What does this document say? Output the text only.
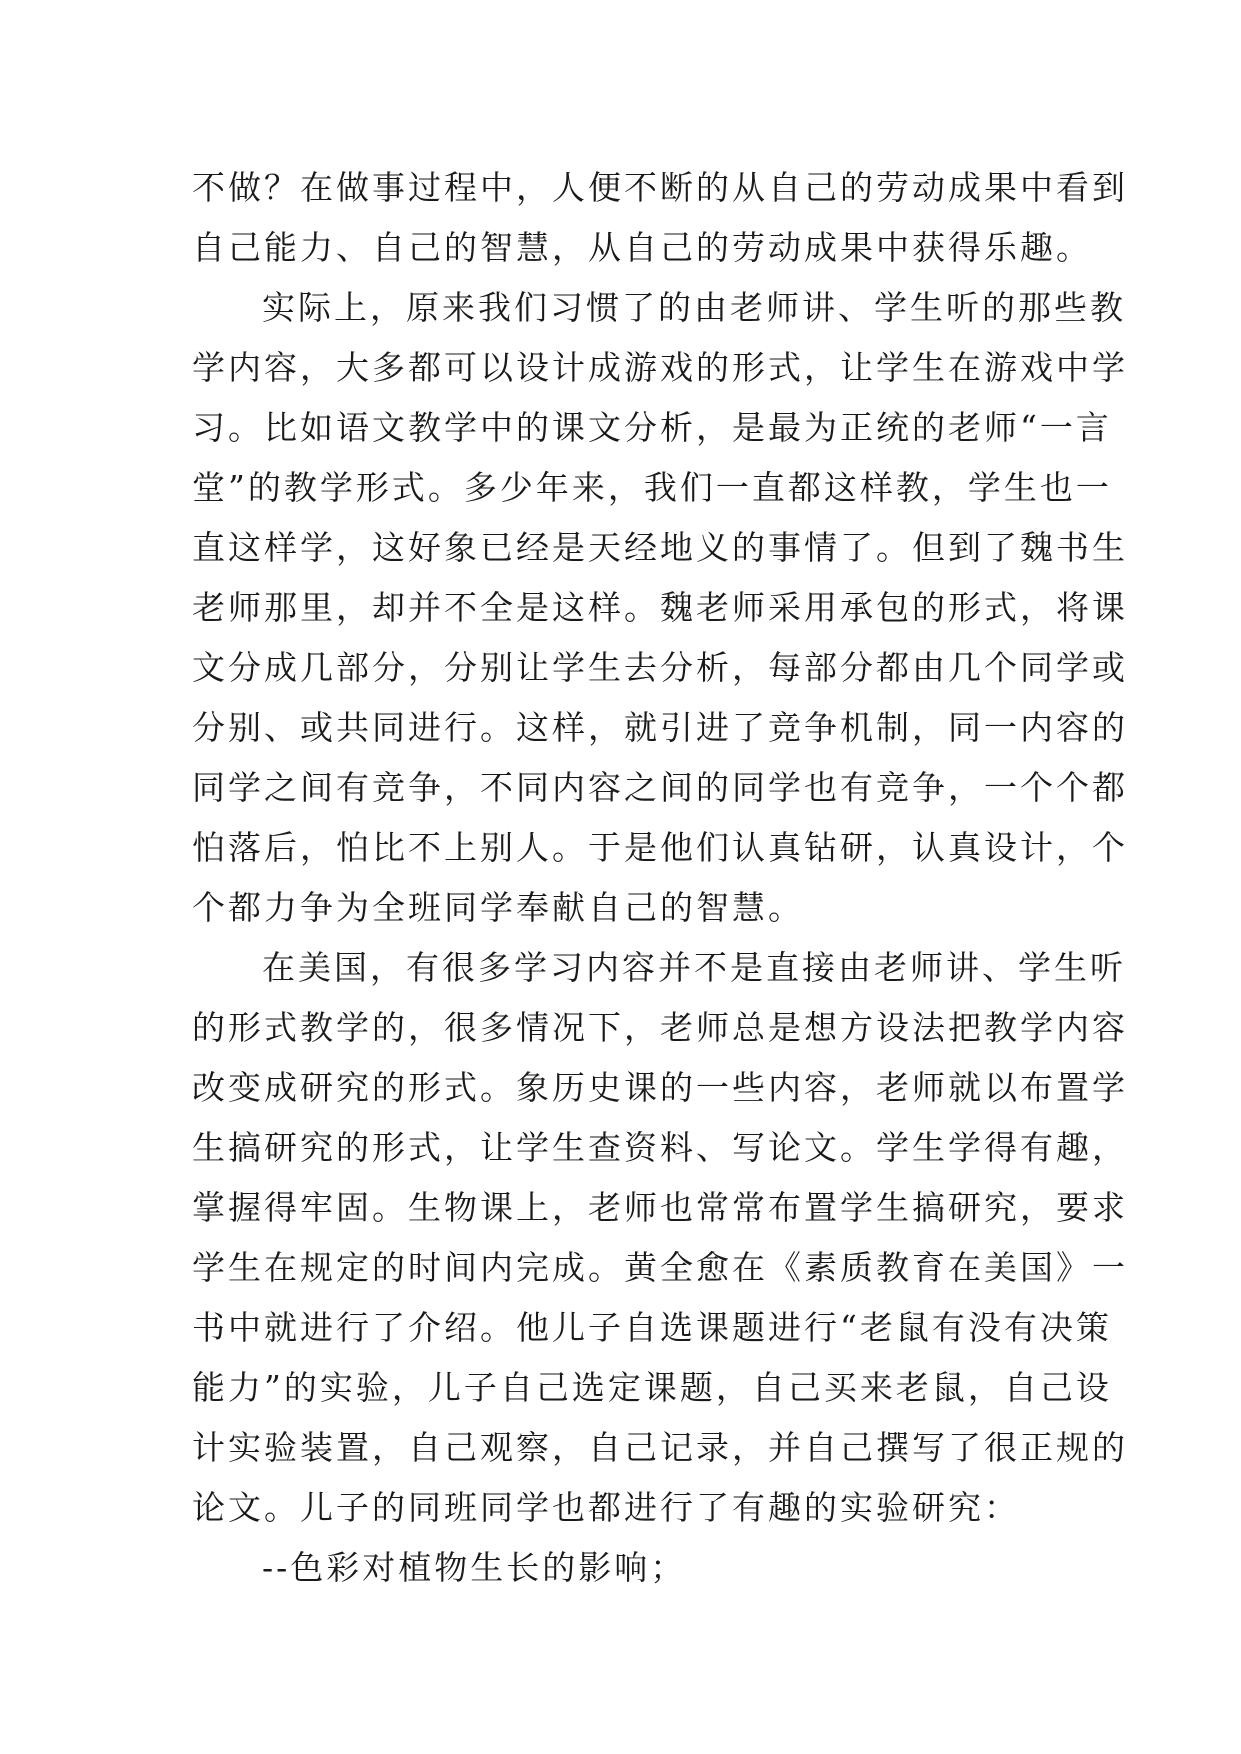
不做？在做事过程中，人便不断的从自己的劳动成果中看到
自己能力、自己的智慧，从自己的劳动成果中获得乐趣。
实际上，原来我们习惯了的由老师讲、学生听的那些教
学内容，大多都可以设计成游戏的形式，让学生在游戏中学
习。比如语文教学中的课文分析，是最为正统的老师“一言
堂”的教学形式。多少年来，我们一直都这样教，学生也一
直这样学，这好象已经是天经地义的事情了。但到了魏书生
老师那里，却并不全是这样。魏老师采用承包的形式，将课
文分成几部分，分别让学生去分析，每部分都由几个同学或
分别、或共同进行。这样，就引进了竞争机制，同一内容的
同学之间有竞争，不同内容之间的同学也有竞争，一个个都
怕落后，怕比不上别人。于是他们认真钻研，认真设计，个
个都力争为全班同学奉献自己的智慧。
在美国，有很多学习内容并不是直接由老师讲、学生听
的形式教学的，很多情况下，老师总是想方设法把教学内容
改变成研究的形式。象历史课的一些内容，老师就以布置学
生搞研究的形式，让学生查资料、写论文。学生学得有趣，
掌握得牢固。生物课上，老师也常常布置学生搞研究，要求
学生在规定的时间内完成。黄全愈在《素质教育在美国》一
书中就进行了介绍。他儿子自选课题进行“老鼠有没有决策
能力”的实验，儿子自己选定课题，自己买来老鼠，自己设
计实验装置，自己观察，自己记录，并自己撰写了很正规的
论文。儿子的同班同学也都进行了有趣的实验研究：
--色彩对植物生长的影响；
